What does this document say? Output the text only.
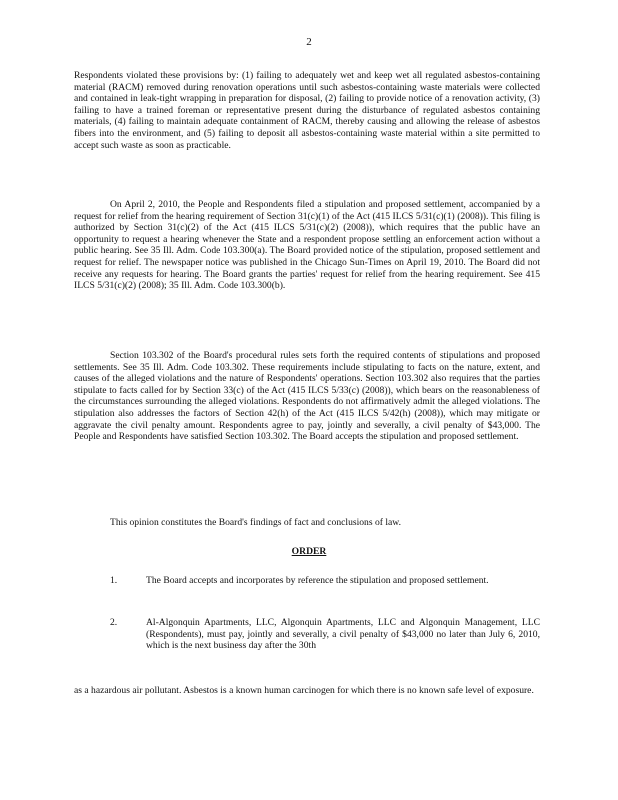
2

Respondents violated these provisions by: (1) failing to adequately wet and keep wet all regulated asbestos-containing material (RACM) removed during renovation operations until such asbestos-containing waste materials were collected and contained in leak-tight wrapping in preparation for disposal, (2) failing to provide notice of a renovation activity, (3) failing to have a trained foreman or representative present during the disturbance of regulated asbestos containing materials, (4) failing to maintain adequate containment of RACM, thereby causing and allowing the release of asbestos fibers into the environment, and (5) failing to deposit all asbestos-containing waste material within a site permitted to accept such waste as soon as practicable.

On April 2, 2010, the People and Respondents filed a stipulation and proposed settlement, accompanied by a request for relief from the hearing requirement of Section 31(c)(1) of the Act (415 ILCS 5/31(c)(1) (2008)). This filing is authorized by Section 31(c)(2) of the Act (415 ILCS 5/31(c)(2) (2008)), which requires that the public have an opportunity to request a hearing whenever the State and a respondent propose settling an enforcement action without a public hearing. See 35 Ill. Adm. Code 103.300(a). The Board provided notice of the stipulation, proposed settlement and request for relief. The newspaper notice was published in the Chicago Sun-Times on April 19, 2010. The Board did not receive any requests for hearing. The Board grants the parties' request for relief from the hearing requirement. See 415 ILCS 5/31(c)(2) (2008); 35 Ill. Adm. Code 103.300(b).

Section 103.302 of the Board's procedural rules sets forth the required contents of stipulations and proposed settlements. See 35 Ill. Adm. Code 103.302. These requirements include stipulating to facts on the nature, extent, and causes of the alleged violations and the nature of Respondents' operations. Section 103.302 also requires that the parties stipulate to facts called for by Section 33(c) of the Act (415 ILCS 5/33(c) (2008)), which bears on the reasonableness of the circumstances surrounding the alleged violations. Respondents do not affirmatively admit the alleged violations. The stipulation also addresses the factors of Section 42(h) of the Act (415 ILCS 5/42(h) (2008)), which may mitigate or aggravate the civil penalty amount. Respondents agree to pay, jointly and severally, a civil penalty of $43,000. The People and Respondents have satisfied Section 103.302. The Board accepts the stipulation and proposed settlement.

This opinion constitutes the Board's findings of fact and conclusions of law.

ORDER
1.	The Board accepts and incorporates by reference the stipulation and proposed settlement.
2.	Al-Algonquin Apartments, LLC, Algonquin Apartments, LLC and Algonquin Management, LLC (Respondents), must pay, jointly and severally, a civil penalty of $43,000 no later than July 6, 2010, which is the next business day after the 30th

as a hazardous air pollutant. Asbestos is a known human carcinogen for which there is no known safe level of exposure.
